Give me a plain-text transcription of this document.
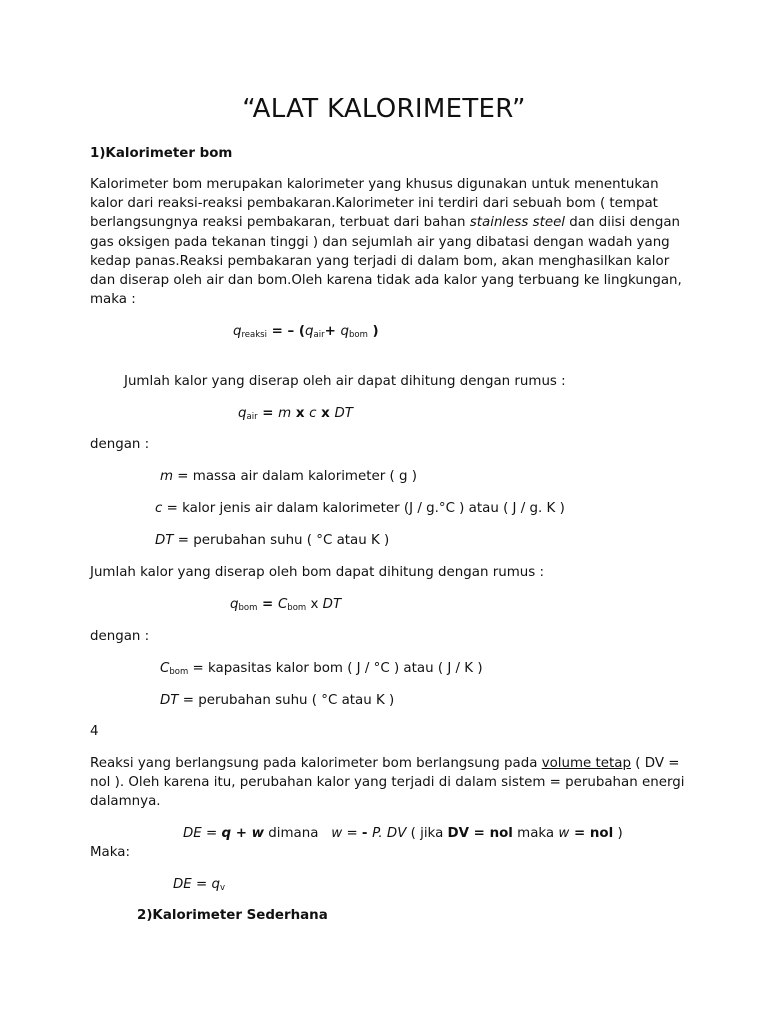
“ALAT KALORIMETER”
1)Kalorimeter bom

Kalorimeter bom merupakan kalorimeter yang khusus digunakan untuk menentukan kalor dari reaksi-reaksi pembakaran.Kalorimeter ini terdiri dari sebuah bom ( tempat berlangsungnya reaksi pembakaran, terbuat dari bahan stainless steel dan diisi dengan gas oksigen pada tekanan tinggi ) dan sejumlah air yang dibatasi dengan wadah yang kedap panas.Reaksi pembakaran yang terjadi di dalam bom, akan menghasilkan kalor dan diserap oleh air dan bom.Oleh karena tidak ada kalor yang terbuang ke lingkungan, maka :

qreaksi = – (qair+ qbom )
Jumlah kalor yang diserap oleh air dapat dihitung dengan rumus :
qair = m x c x DT
dengan :
m = massa air dalam kalorimeter ( g )
c = kalor jenis air dalam kalorimeter (J / g.°C ) atau ( J / g. K )
DT = perubahan suhu ( °C atau K )
Jumlah kalor yang diserap oleh bom dapat dihitung dengan rumus :
qbom = Cbom x DT
dengan :
Cbom = kapasitas kalor bom ( J / °C ) atau ( J / K )
DT = perubahan suhu ( °C atau K )
4

Reaksi yang berlangsung pada kalorimeter bom berlangsung pada volume tetap ( DV = nol ). Oleh karena itu, perubahan kalor yang terjadi di dalam sistem = perubahan energi dalamnya.

DE = q + w dimana   w = - P. DV ( jika DV = nol maka w = nol )
Maka:
DE = qv
2)Kalorimeter Sederhana
